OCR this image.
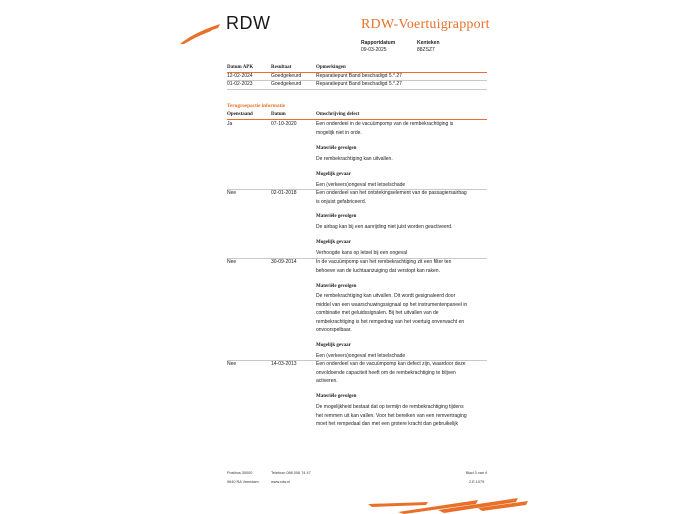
RDW	RDW-Voertuigrapport
Rapportdatum
09-03-2025
Kenteken
88ZSZ7
Datum APK	Resultaat	Opmerkingen
12-02-2024	Goedgekeurd	Reparatiepunt Band beschadigd 5.*.27
01-02-2023	Goedgekeurd	Reparatiepunt Band beschadigd 5.*.27
Terugroepactie informatie
Openstaand	Datum	Omschrijving defect
Ja	07-10-2020	Een onderdeel in de vacuümpomp van de rembekrachtiging is
mogelijk niet in orde.
Materiële gevolgen
De rembekrachtiging kan uitvallen.
Mogelijk gevaar
Een (verkeers)ongeval met letselschade
Nee	02-01-2018	Een onderdeel van het ontstekingselement van de passagiersairbag
is onjuist gefabriceerd.
Materiële gevolgen
De airbag kan bij een aanrijding niet juist worden geactiveerd.
Mogelijk gevaar
Verhoogde kans op letsel bij een ongeval
Nee	30-09-2014	In de vacuümpomp van het rembekrachtiging zit een filter ten
behoeve van de luchtaanzuiging dat verstopt kan raken.
Materiële gevolgen
De rembekrachtiging kan uitvallen. Dit wordt gesignaleerd door
middel van een waarschuwingssignaal op het instrumentenpaneel in
combinatie met geluidssignalen. Bij het uitvallen van de
rembekrachtiging is het remgedrag van het voertuig onverwacht en
onvoorspelbaar.
Mogelijk gevaar
Een (verkeers)ongeval met letselschade
Nee	14-03-2013	Een onderdeel van de vacuümpomp kan defect zijn, waardoor deze
onvoldoende capaciteit heeft om de rembekrachtiging te blijven
activeren.
Materiële gevolgen
De mogelijkheid bestaat dat op termijn de rembekrachtiging tijdens
het remmen uit kan vallen. Voor het bereiken van een remvertraging
moet het rempedaal dan met een grotere kracht dan gebruikelijk
Postbus 30000
9640 RA Veendam
Telefoon 088 008 74 47
www.rdw.nl
Blad 3 van 4
2.E.1079
